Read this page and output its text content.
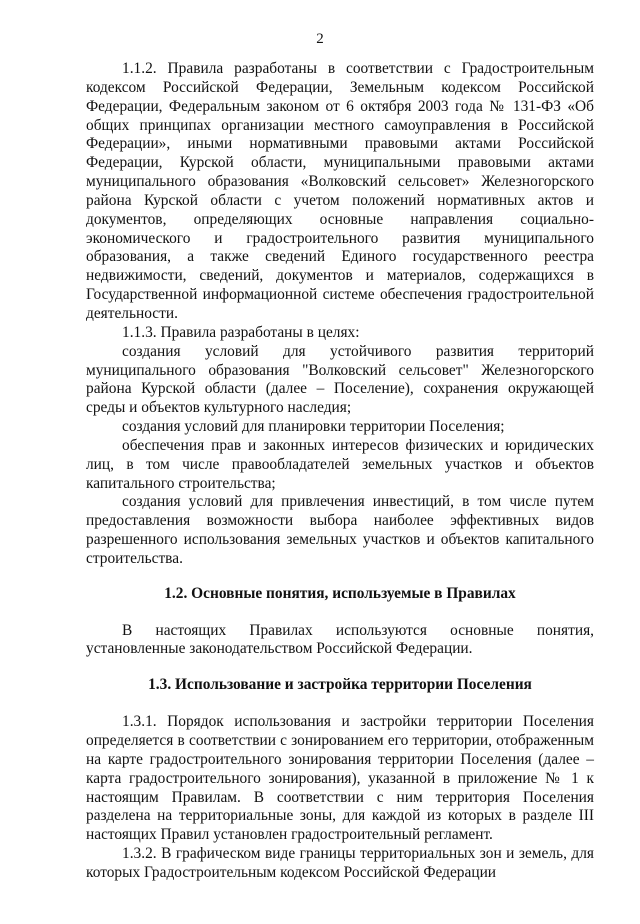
2

1.1.2. Правила разработаны в соответствии с Градостроительным кодексом Российской Федерации, Земельным кодексом Российской Федерации, Федеральным законом от 6 октября 2003 года № 131-ФЗ «Об общих принципах организации местного самоуправления в Российской Федерации», иными нормативными правовыми актами Российской Федерации, Курской области, муниципальными правовыми актами муниципального образования «Волковский сельсовет» Железногорского района Курской области с учетом положений нормативных актов и документов, определяющих основные направления социально-экономического и градостроительного развития муниципального образования, а также сведений Единого государственного реестра недвижимости, сведений, документов и материалов, содержащихся в Государственной информационной системе обеспечения градостроительной деятельности.

1.1.3. Правила разработаны в целях:

создания условий для устойчивого развития территорий муниципального образования "Волковский сельсовет" Железногорского района Курской области (далее – Поселение), сохранения окружающей среды и объектов культурного наследия;

создания условий для планировки территории Поселения;

обеспечения прав и законных интересов физических и юридических лиц, в том числе правообладателей земельных участков и объектов капитального строительства;

создания условий для привлечения инвестиций, в том числе путем предоставления возможности выбора наиболее эффективных видов разрешенного использования земельных участков и объектов капитального строительства.

1.2. Основные понятия, используемые в Правилах

В настоящих Правилах используются основные понятия, установленные законодательством Российской Федерации.

1.3. Использование и застройка территории Поселения

1.3.1. Порядок использования и застройки территории Поселения определяется в соответствии с зонированием его территории, отображенным на карте градостроительного зонирования территории Поселения (далее – карта градостроительного зонирования), указанной в приложение № 1 к настоящим Правилам. В соответствии с ним территория Поселения разделена на территориальные зоны, для каждой из которых в разделе III настоящих Правил установлен градостроительный регламент.

1.3.2. В графическом виде границы территориальных зон и земель, для которых Градостроительным кодексом Российской Федерации
